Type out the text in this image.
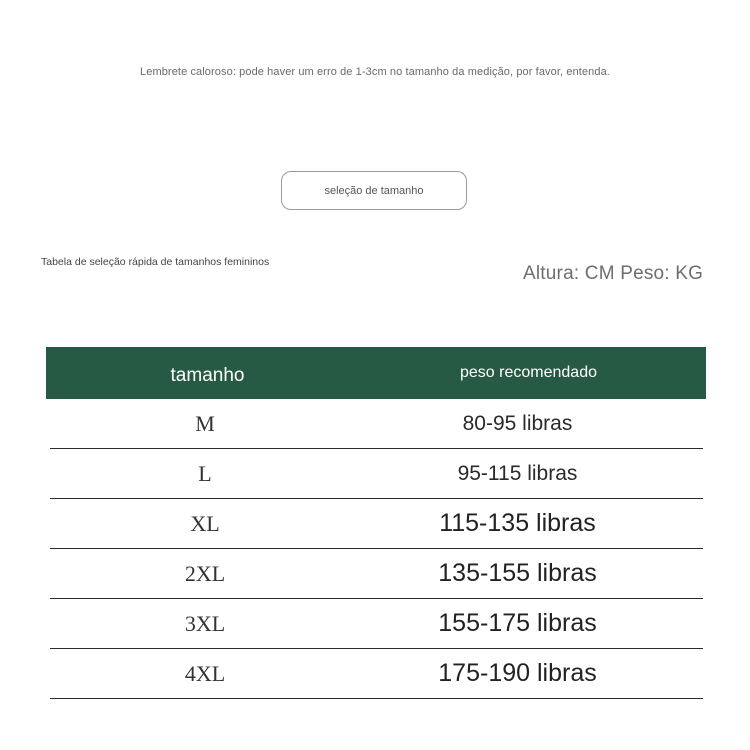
Lembrete caloroso: pode haver um erro de 1-3cm no tamanho da medição, por favor, entenda.
seleção de tamanho
Tabela de seleção rápida de tamanhos femininos
Altura: CM Peso: KG
tamanho	peso recomendado
M	80-95 libras
L	95-115 libras
XL	115-135 libras
2XL	135-155 libras
3XL	155-175 libras
4XL	175-190 libras
